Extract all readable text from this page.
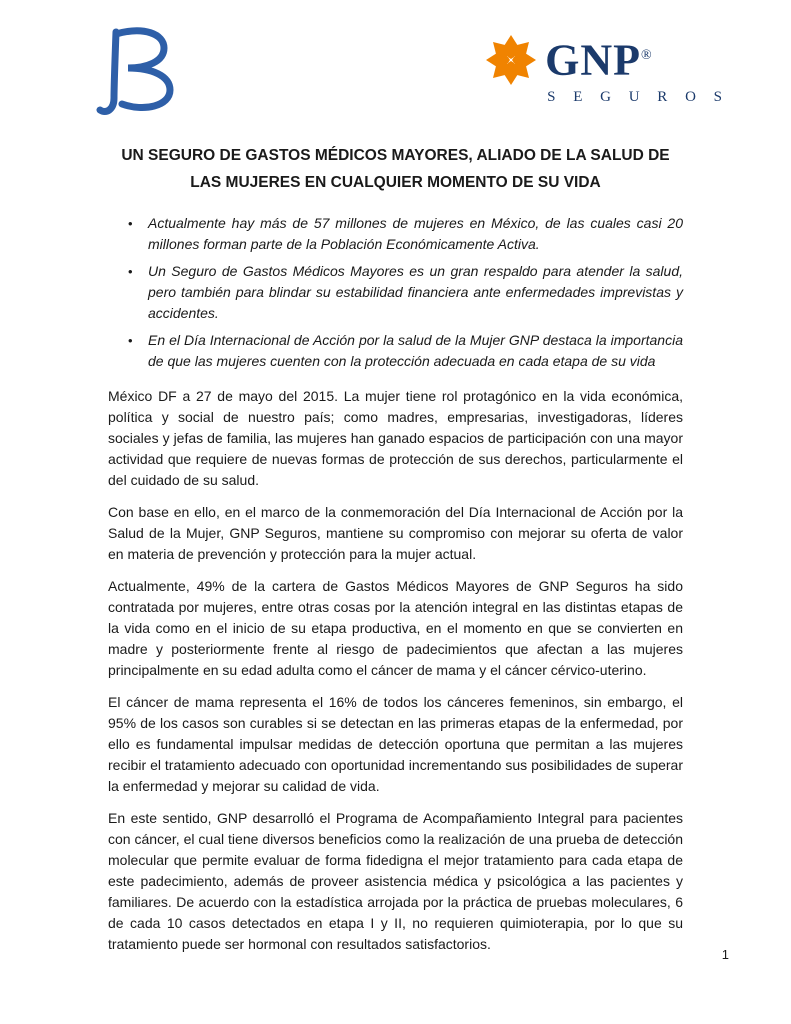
GNP®
S E G U R O S
UN SEGURO DE GASTOS MÉDICOS MAYORES, ALIADO DE LA SALUD DE LAS MUJERES EN CUALQUIER MOMENTO DE SU VIDA
• Actualmente hay más de 57 millones de mujeres en México, de las cuales casi 20 millones forman parte de la Población Económicamente Activa.
• Un Seguro de Gastos Médicos Mayores es un gran respaldo para atender la salud, pero también para blindar su estabilidad financiera ante enfermedades imprevistas y accidentes.
• En el Día Internacional de Acción por la salud de la Mujer GNP destaca la importancia de que las mujeres cuenten con la protección adecuada en cada etapa de su vida

México DF a 27 de mayo del 2015. La mujer tiene rol protagónico en la vida económica, política y social de nuestro país; como madres, empresarias, investigadoras, líderes sociales y jefas de familia, las mujeres han ganado espacios de participación con una mayor actividad que requiere de nuevas formas de protección de sus derechos, particularmente el del cuidado de su salud.

Con base en ello, en el marco de la conmemoración del Día Internacional de Acción por la Salud de la Mujer, GNP Seguros, mantiene su compromiso con mejorar su oferta de valor en materia de prevención y protección para la mujer actual.

Actualmente, 49% de la cartera de Gastos Médicos Mayores de GNP Seguros ha sido contratada por mujeres, entre otras cosas por la atención integral en las distintas etapas de la vida como en el inicio de su etapa productiva, en el momento en que se convierten en madre y posteriormente frente al riesgo de padecimientos que afectan a las mujeres principalmente en su edad adulta como el cáncer de mama y el cáncer cérvico-uterino.

El cáncer de mama representa el 16% de todos los cánceres femeninos, sin embargo, el 95% de los casos son curables si se detectan en las primeras etapas de la enfermedad, por ello es fundamental impulsar medidas de detección oportuna que permitan a las mujeres recibir el tratamiento adecuado con oportunidad incrementando sus posibilidades de superar la enfermedad y mejorar su calidad de vida.

En este sentido, GNP desarrolló el Programa de Acompañamiento Integral para pacientes con cáncer, el cual tiene diversos beneficios como la realización de una prueba de detección molecular que permite evaluar de forma fidedigna el mejor tratamiento para cada etapa de este padecimiento, además de proveer asistencia médica y psicológica a las pacientes y familiares. De acuerdo con la estadística arrojada por la práctica de pruebas moleculares, 6 de cada 10 casos detectados en etapa I y II, no requieren quimioterapia, por lo que su tratamiento puede ser hormonal con resultados satisfactorios.

1
